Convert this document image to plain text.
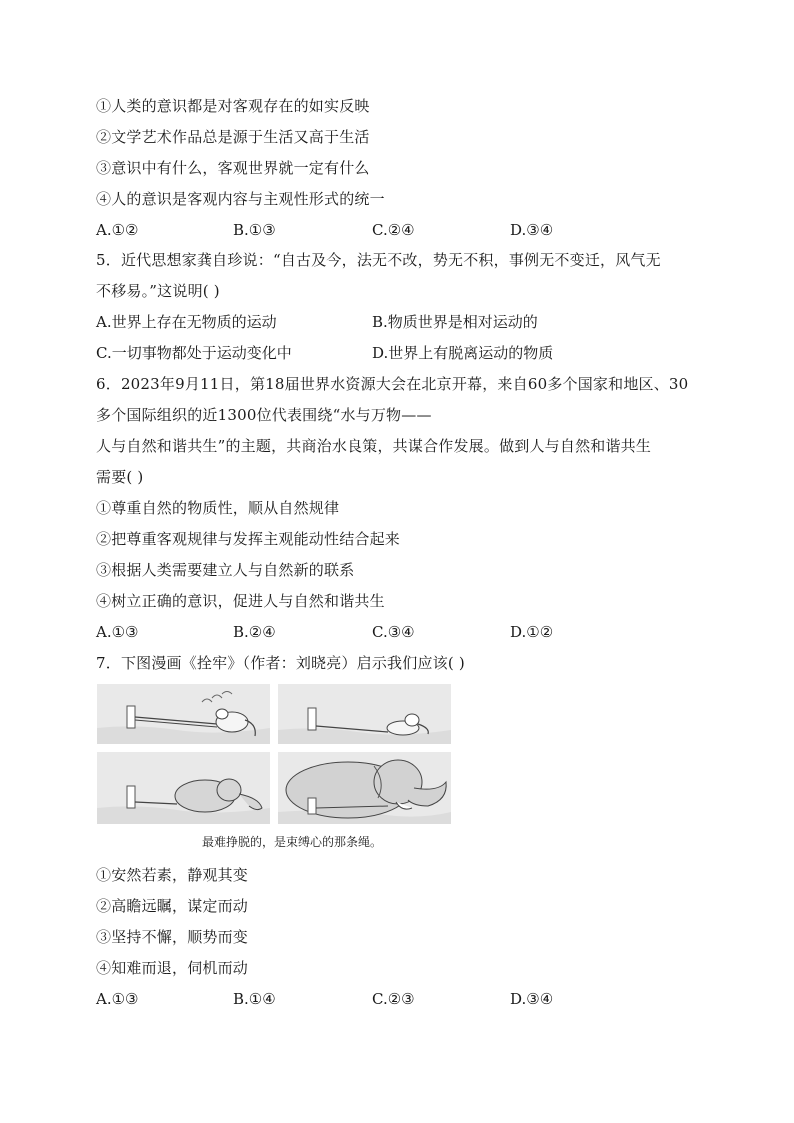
①人类的意识都是对客观存在的如实反映
②文学艺术作品总是源于生活又高于生活
③意识中有什么，客观世界就一定有什么
④人的意识是客观内容与主观性形式的统一
A.①②	B.①③	C.②④	D.③④
5．近代思想家龚自珍说：“自古及今，法无不改，势无不积，事例无不变迁，风气无
不移易。”这说明( )
A.世界上存在无物质的运动	B.物质世界是相对运动的
C.一切事物都处于运动变化中	D.世界上有脱离运动的物质
6．2023年9月11日，第18届世界水资源大会在北京开幕，来自60多个国家和地区、30
多个国际组织的近1300位代表围绕“水与万物——
人与自然和谐共生”的主题，共商治水良策，共谋合作发展。做到人与自然和谐共生
需要( )
①尊重自然的物质性，顺从自然规律
②把尊重客观规律与发挥主观能动性结合起来
③根据人类需要建立人与自然新的联系
④树立正确的意识，促进人与自然和谐共生
A.①③	B.②④	C.③④	D.①②
7．下图漫画《拴牢》（作者：刘晓亮）启示我们应该( )
最难挣脱的，是束缚心的那条绳。
①安然若素，静观其变
②高瞻远瞩，谋定而动
③坚持不懈，顺势而变
④知难而退，伺机而动
A.①③	B.①④	C.②③	D.③④
